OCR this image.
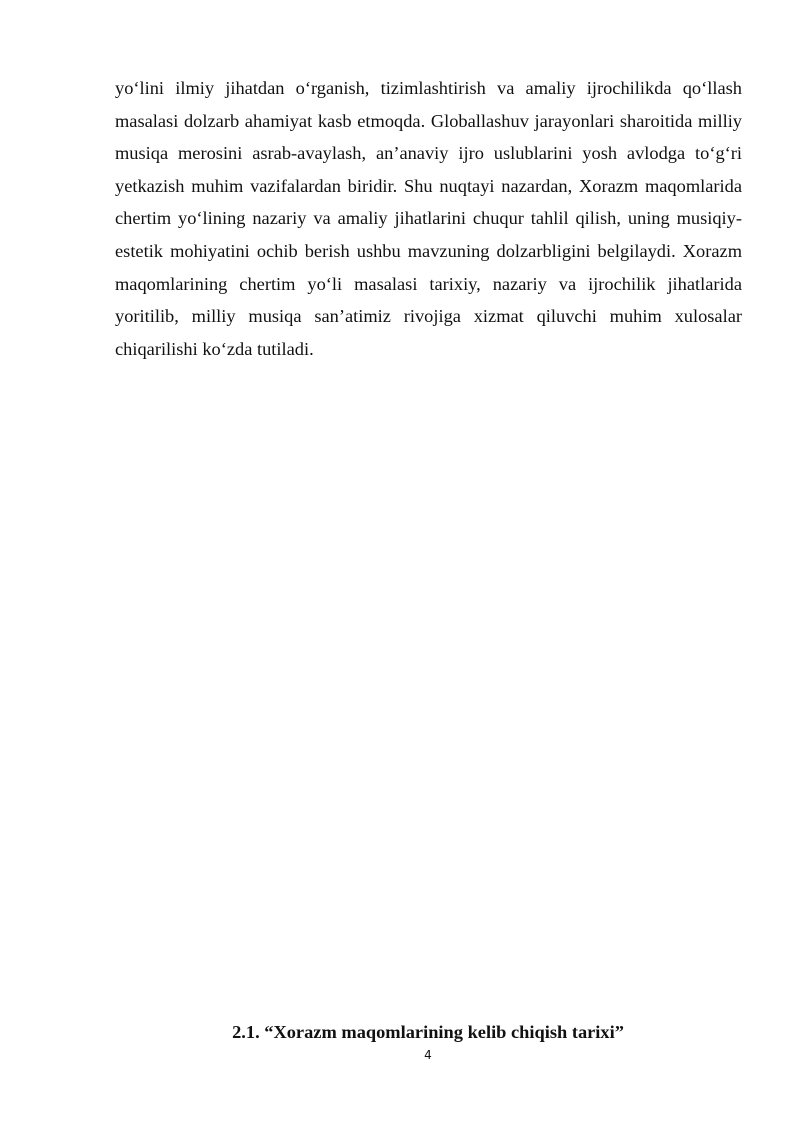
yo‘lini ilmiy jihatdan o‘rganish, tizimlashtirish va amaliy ijrochilikda qo‘llash masalasi dolzarb ahamiyat kasb etmoqda. Globallashuv jarayonlari sharoitida milliy musiqa merosini asrab-avaylash, an’anaviy ijro uslublarini yosh avlodga to‘g‘ri yetkazish muhim vazifalardan biridir. Shu nuqtayi nazardan, Xorazm maqomlarida chertim yo‘lining nazariy va amaliy jihatlarini chuqur tahlil qilish, uning musiqiy-estetik mohiyatini ochib berish ushbu mavzuning dolzarbligini belgilaydi. Xorazm maqomlarining chertim yo‘li masalasi tarixiy, nazariy va ijrochilik jihatlarida yoritilib, milliy musiqa san’atimiz rivojiga xizmat qiluvchi muhim xulosalar chiqarilishi ko‘zda tutiladi.

2.1. “Xorazm maqomlarining kelib chiqish tarixi”

4
